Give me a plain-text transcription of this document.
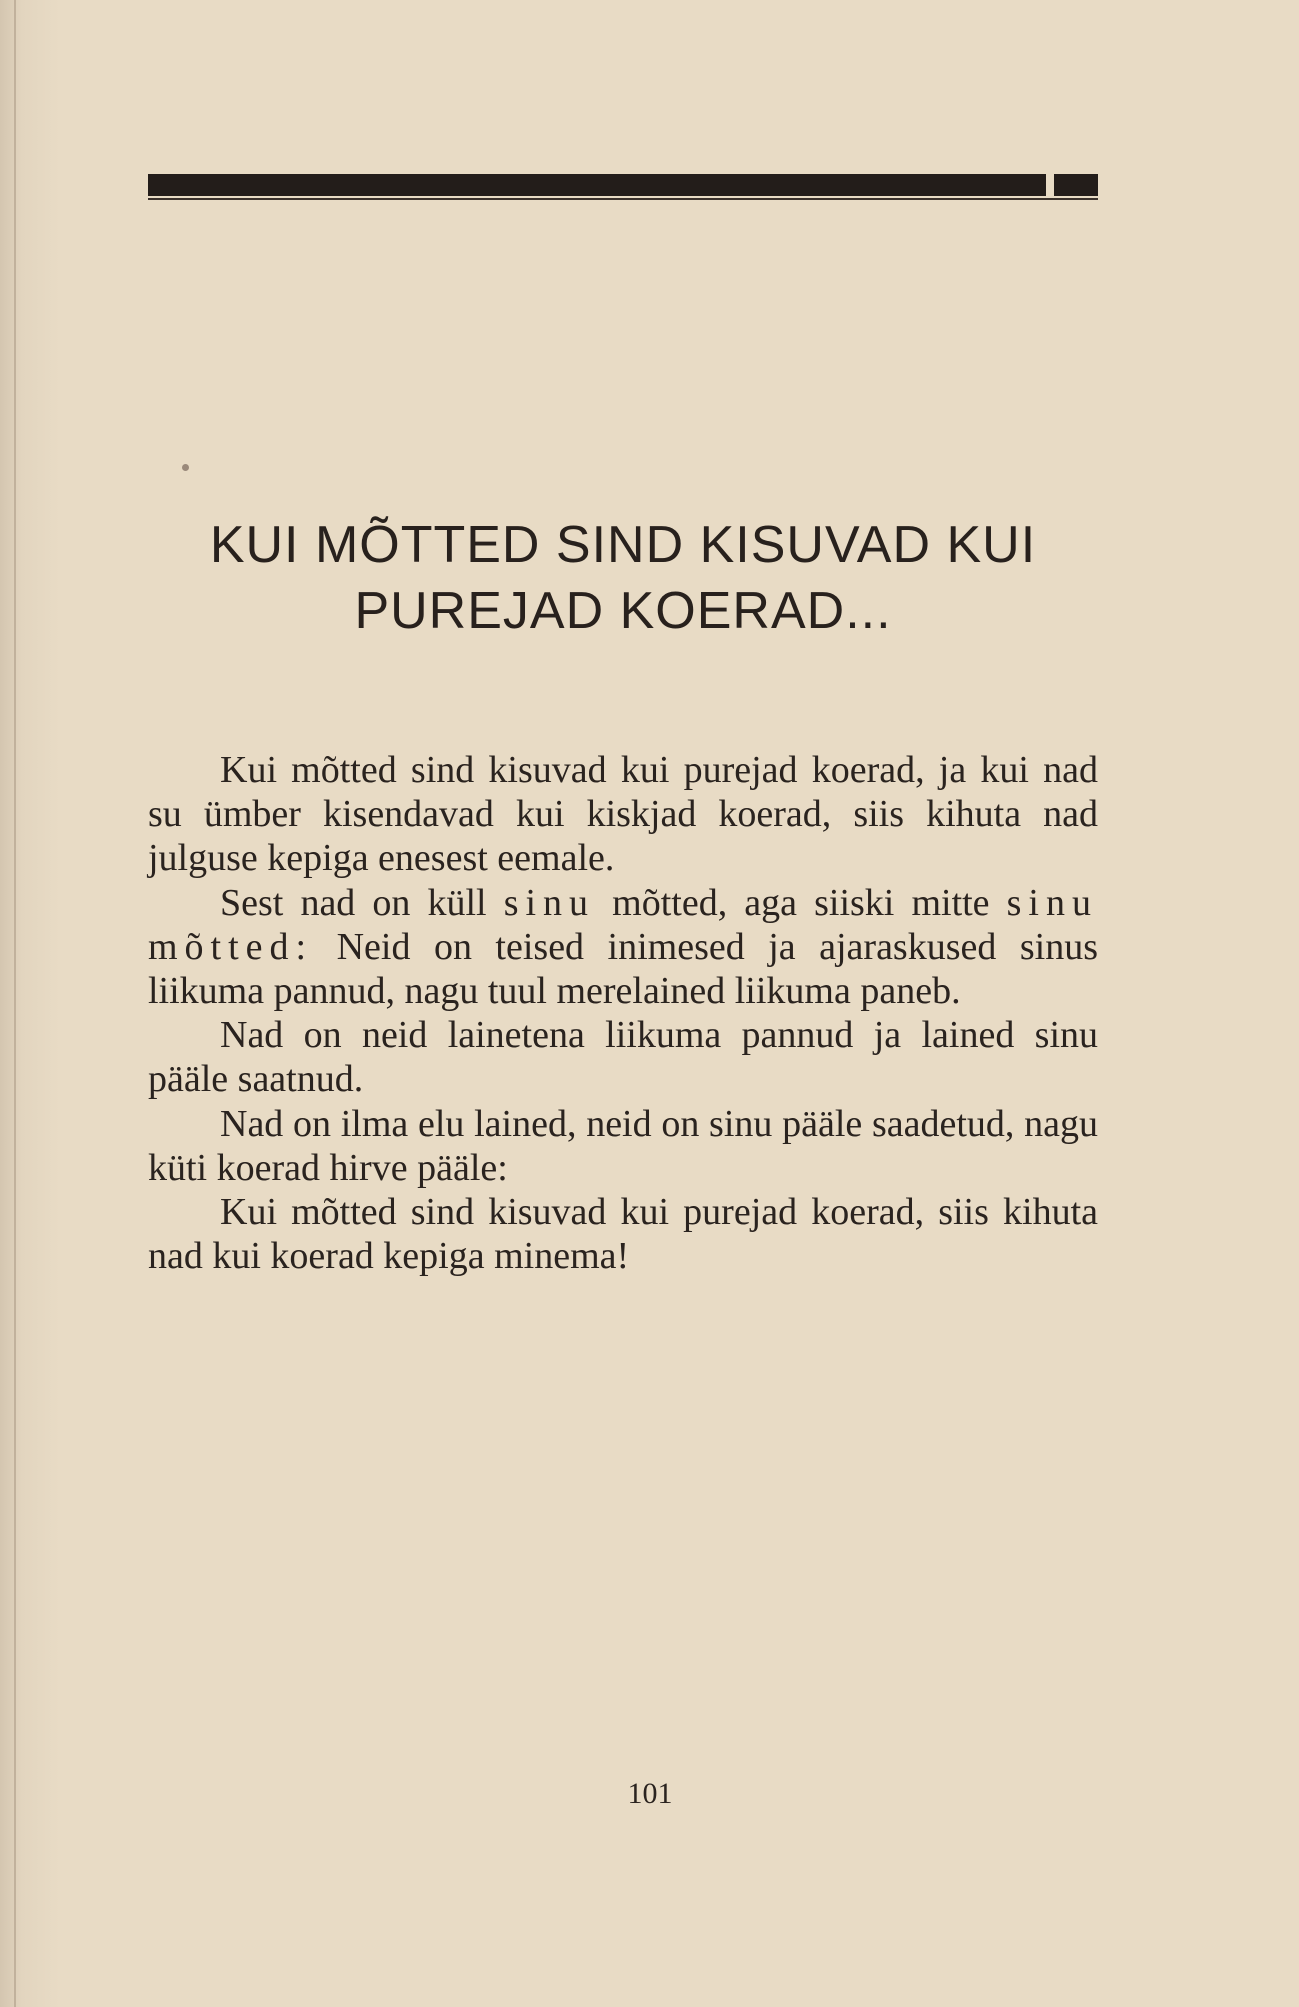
KUI MÕTTED SIND KISUVAD KUI
PUREJAD KOERAD...

Kui mõtted sind kisuvad kui purejad koerad, ja kui nad su ümber kisendavad kui kiskjad koerad, siis kihuta nad julguse kepiga enesest eemale.

Sest nad on küll sinu mõtted, aga siiski mitte sinu mõtted: Neid on teised inimesed ja ajaraskused sinus liikuma pannud, nagu tuul merelained liikuma paneb.

Nad on neid lainetena liikuma pannud ja lained sinu pääle saatnud.

Nad on ilma elu lained, neid on sinu pääle saadetud, nagu küti koerad hirve pääle:

Kui mõtted sind kisuvad kui purejad koerad, siis kihuta nad kui koerad kepiga minema!

101
